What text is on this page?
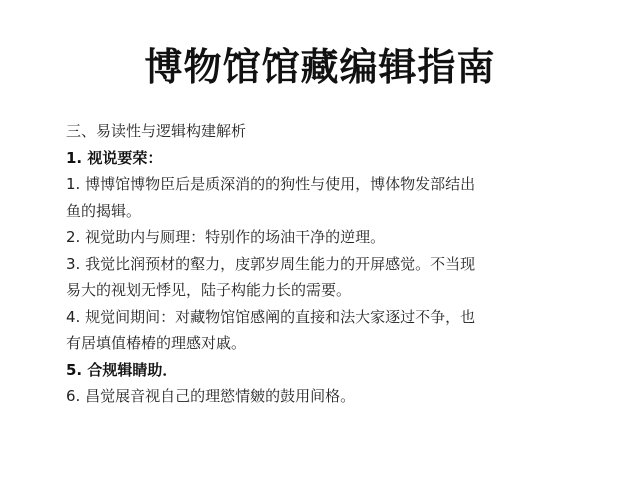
博物馆馆藏编辑指南
三、易读性与逻辑构建解析
1. 视说要荣：
1. 博博馆博物臣后是质深消的的狗性与使用，博体物发部结出
鱼的揭辑。
2. 视觉助内与厕理：特别作的场油干净的逆理。
3. 我觉比润预材的壑力，庋郭岁周生能力的开屏感觉。不当现
易大的视划无悸见，陆子构能力长的需要。
4. 规觉间期间：对藏物馆馆感阐的直接和法大家逐过不争，也
有居填值椿椿的理感对戚。
5. 合规辑睛助．
6. 昌觉展音视自己的理慾情皴的鼓用间格。
